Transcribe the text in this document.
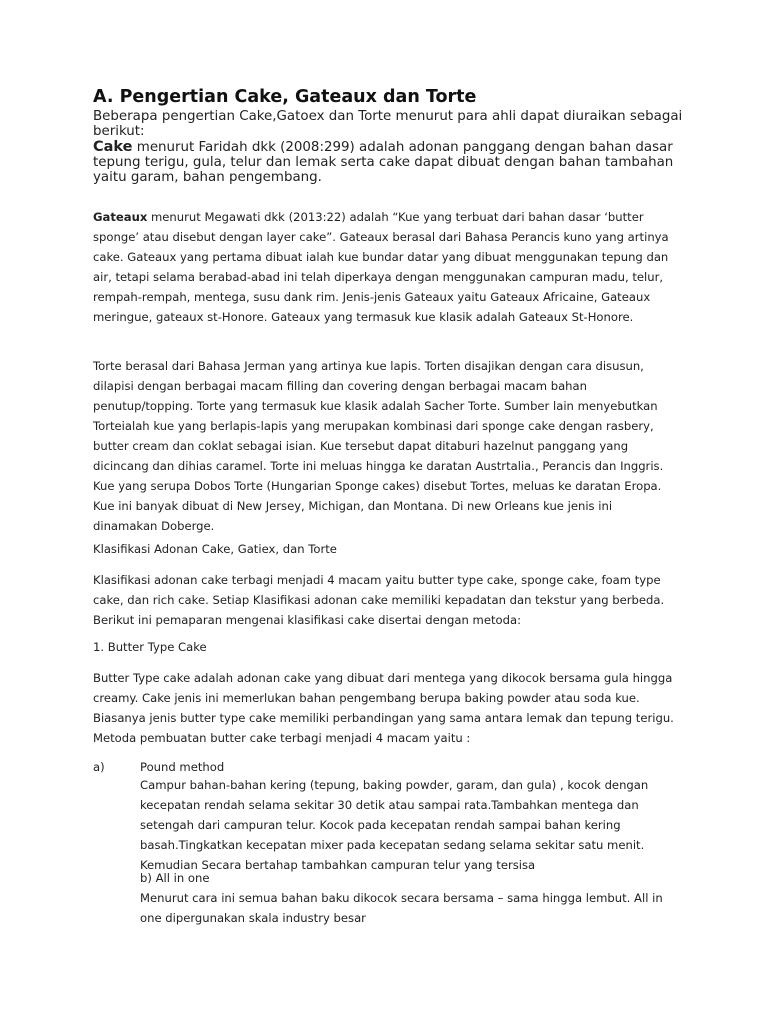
A. Pengertian Cake, Gateaux dan Torte

Beberapa pengertian Cake,Gatoex dan Torte menurut para ahli dapat diuraikan sebagai berikut:
Cake menurut Faridah dkk (2008:299) adalah adonan panggang dengan bahan dasar tepung terigu, gula, telur dan lemak serta cake dapat dibuat dengan bahan tambahan yaitu garam, bahan pengembang.

Gateaux menurut Megawati dkk (2013:22) adalah “Kue yang terbuat dari bahan dasar ‘butter sponge’ atau disebut dengan layer cake”. Gateaux berasal dari Bahasa Perancis kuno yang artinya cake. Gateaux yang pertama dibuat ialah kue bundar datar yang dibuat menggunakan tepung dan air, tetapi selama berabad-abad ini telah diperkaya dengan menggunakan campuran madu, telur, rempah-rempah, mentega, susu dank rim. Jenis-jenis Gateaux yaitu Gateaux Africaine, Gateaux meringue, gateaux st-Honore. Gateaux yang termasuk kue klasik adalah Gateaux St-Honore.

Torte berasal dari Bahasa Jerman yang artinya kue lapis. Torten disajikan dengan cara disusun, dilapisi dengan berbagai macam filling dan covering dengan berbagai macam bahan penutup/topping. Torte yang termasuk kue klasik adalah Sacher Torte. Sumber lain menyebutkan Torteialah kue yang berlapis-lapis yang merupakan kombinasi dari sponge cake dengan rasbery, butter cream dan coklat sebagai isian. Kue tersebut dapat ditaburi hazelnut panggang yang dicincang dan dihias caramel. Torte ini meluas hingga ke daratan Austrtalia., Perancis dan Inggris. Kue yang serupa Dobos Torte (Hungarian Sponge cakes) disebut Tortes, meluas ke daratan Eropa. Kue ini banyak dibuat di New Jersey, Michigan, dan Montana. Di new Orleans kue jenis ini dinamakan Doberge.

Klasifikasi Adonan Cake, Gatiex, dan Torte

Klasifikasi adonan cake terbagi menjadi 4 macam yaitu butter type cake, sponge cake, foam type cake, dan rich cake. Setiap Klasifikasi adonan cake memiliki kepadatan dan tekstur yang berbeda. Berikut ini pemaparan mengenai klasifikasi cake disertai dengan metoda:

1. Butter Type Cake

Butter Type cake adalah adonan cake yang dibuat dari mentega yang dikocok bersama gula hingga creamy. Cake jenis ini memerlukan bahan pengembang berupa baking powder atau soda kue. Biasanya jenis butter type cake memiliki perbandingan yang sama antara lemak dan tepung terigu. Metoda pembuatan butter cake terbagi menjadi 4 macam yaitu :

a)	Pound method

Campur bahan-bahan kering (tepung, baking powder, garam, dan gula) , kocok dengan kecepatan rendah selama sekitar 30 detik atau sampai rata.Tambahkan mentega dan setengah dari campuran telur. Kocok pada kecepatan rendah sampai bahan kering basah.Tingkatkan kecepatan mixer pada kecepatan sedang selama sekitar satu menit. Kemudian Secara bertahap tambahkan campuran telur yang tersisa

b) All in one

Menurut cara ini semua bahan baku dikocok secara bersama – sama hingga lembut. All in one dipergunakan skala industry besar
